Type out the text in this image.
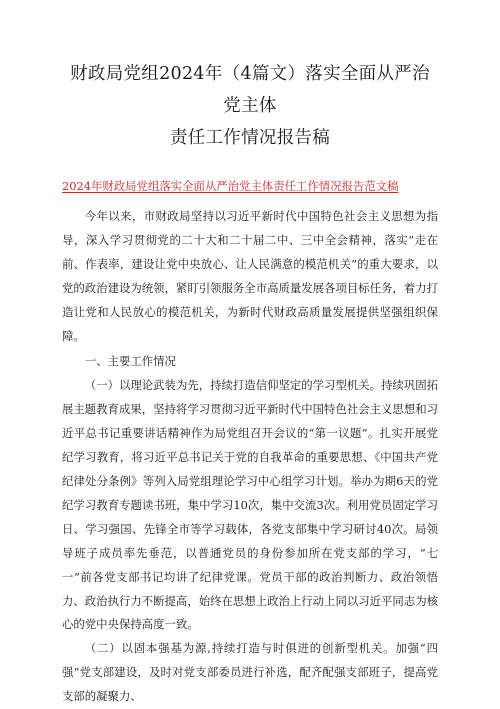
财政局党组2024年（4篇文）落实全面从严治党主体
责任工作情况报告稿
2024年财政局党组落实全面从严治党主体责任工作情况报告范文稿

今年以来，市财政局坚持以习近平新时代中国特色社会主义思想为指导，深入学习贯彻党的二十大和二十届二中、三中全会精神，落实“走在前、作表率，建设让党中央放心、让人民满意的模范机关”的重大要求，以党的政治建设为统领，紧盯引领服务全市高质量发展各项目标任务，着力打造让党和人民放心的模范机关，为新时代财政高质量发展提供坚强组织保障。

一、主要工作情况

（一）以理论武装为先，持续打造信仰坚定的学习型机关。持续巩固拓展主题教育成果，坚持将学习贯彻习近平新时代中国特色社会主义思想和习近平总书记重要讲话精神作为局党组召开会议的“第一议题”。扎实开展党纪学习教育，将习近平总书记关于党的自我革命的重要思想、《中国共产党纪律处分条例》等列入局党组理论学习中心组学习计划。举办为期6天的党纪学习教育专题读书班，集中学习10次，集中交流3次。利用党员固定学习日、学习强国、先锋全市等学习载体，各党支部集中学习研讨40次。局领导班子成员率先垂范，以普通党员的身份参加所在党支部的学习，“七一”前各党支部书记均讲了纪律党课。党员干部的政治判断力、政治领悟力、政治执行力不断提高，始终在思想上政治上行动上同以习近平同志为核心的党中央保持高度一致。

（二）以固本强基为源,持续打造与时俱进的创新型机关。加强“四强”党支部建设，及时对党支部委员进行补选，配齐配强支部班子，提高党支部的凝聚力、
